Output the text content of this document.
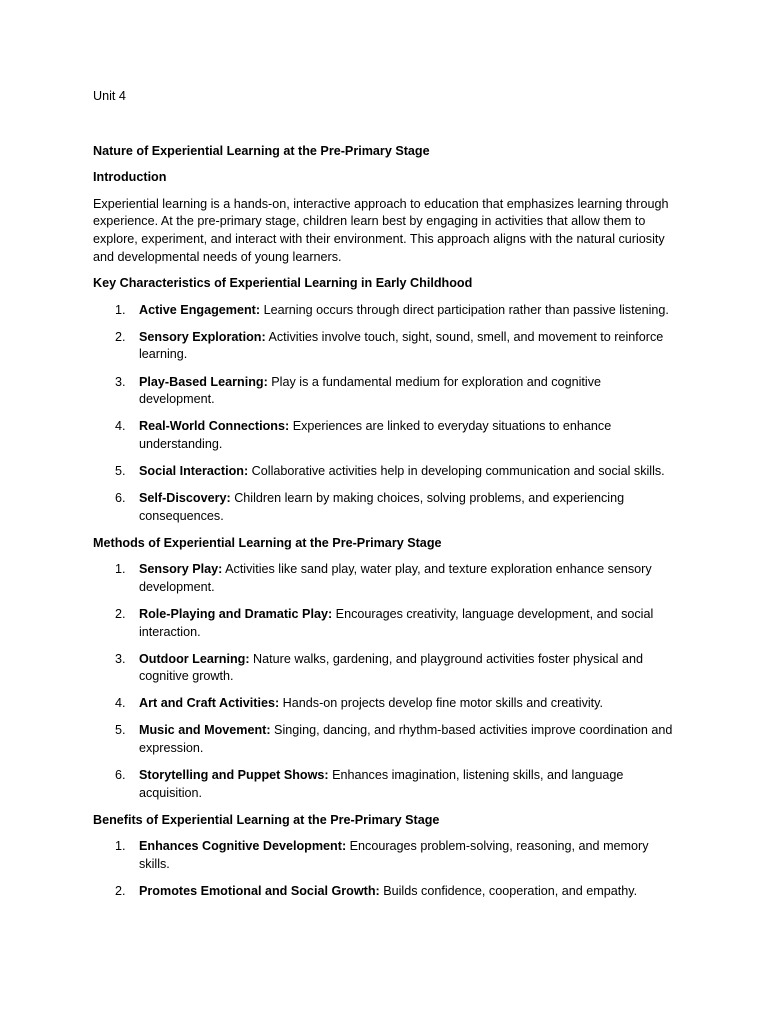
Unit 4
Nature of Experiential Learning at the Pre-Primary Stage
Introduction

Experiential learning is a hands-on, interactive approach to education that emphasizes learning through experience. At the pre-primary stage, children learn best by engaging in activities that allow them to explore, experiment, and interact with their environment. This approach aligns with the natural curiosity and developmental needs of young learners.

Key Characteristics of Experiential Learning in Early Childhood
1.	Active Engagement: Learning occurs through direct participation rather than passive listening.
2.	Sensory Exploration: Activities involve touch, sight, sound, smell, and movement to reinforce learning.
3.	Play-Based Learning: Play is a fundamental medium for exploration and cognitive development.
4.	Real-World Connections: Experiences are linked to everyday situations to enhance understanding.
5.	Social Interaction: Collaborative activities help in developing communication and social skills.
6.	Self-Discovery: Children learn by making choices, solving problems, and experiencing consequences.
Methods of Experiential Learning at the Pre-Primary Stage
1.	Sensory Play: Activities like sand play, water play, and texture exploration enhance sensory development.
2.	Role-Playing and Dramatic Play: Encourages creativity, language development, and social interaction.
3.	Outdoor Learning: Nature walks, gardening, and playground activities foster physical and cognitive growth.
4.	Art and Craft Activities: Hands-on projects develop fine motor skills and creativity.
5.	Music and Movement: Singing, dancing, and rhythm-based activities improve coordination and expression.
6.	Storytelling and Puppet Shows: Enhances imagination, listening skills, and language acquisition.
Benefits of Experiential Learning at the Pre-Primary Stage
1.	Enhances Cognitive Development: Encourages problem-solving, reasoning, and memory skills.
2.	Promotes Emotional and Social Growth: Builds confidence, cooperation, and empathy.
